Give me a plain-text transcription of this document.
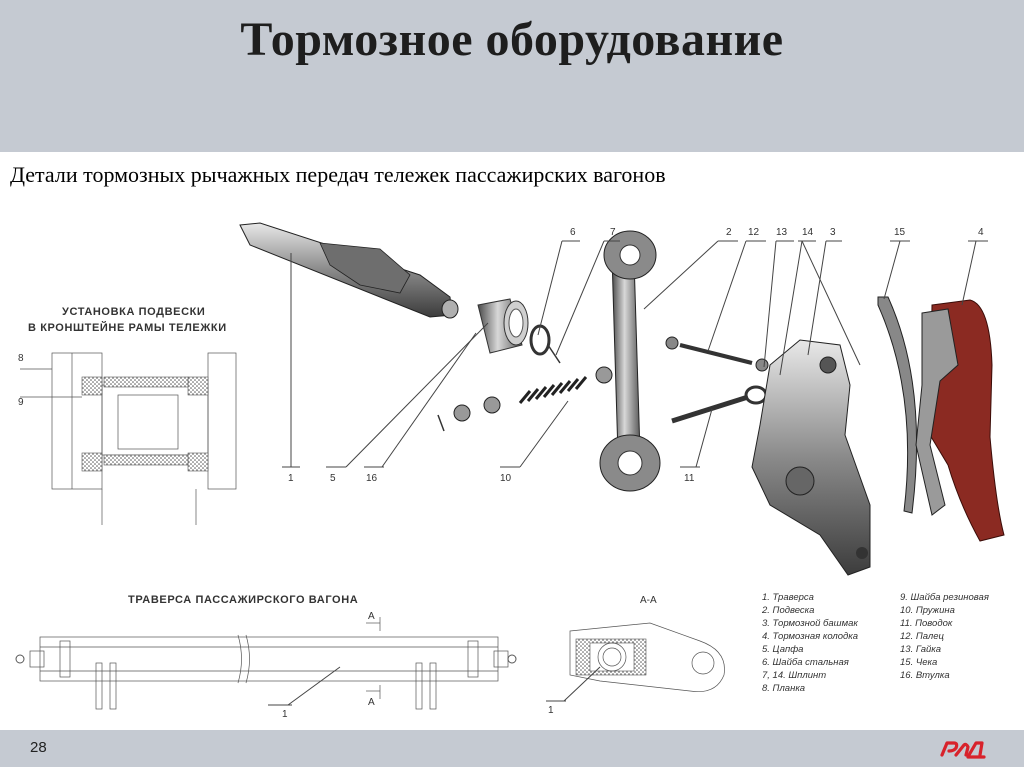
Тормозное оборудование
Детали тормозных рычажных передач тележек пассажирских вагонов
УСТАНОВКА ПОДВЕСКИ
В КРОНШТЕЙНЕ РАМЫ ТЕЛЕЖКИ
8
9
1	5	16
6	7
10
2 12 13 14 3	15	4
11
ТРАВЕРСА ПАССАЖИРСКОГО ВАГОНА
А
А
1
А-А
1
1. Траверса
2. Подвеска
3. Тормозной башмак
4. Тормозная колодка
5. Цапфа
6. Шайба стальная
7, 14. Шплинт
8. Планка
9. Шайба резиновая
10. Пружина
11. Поводок
12. Палец
13. Гайка
15. Чека
16. Втулка
28
